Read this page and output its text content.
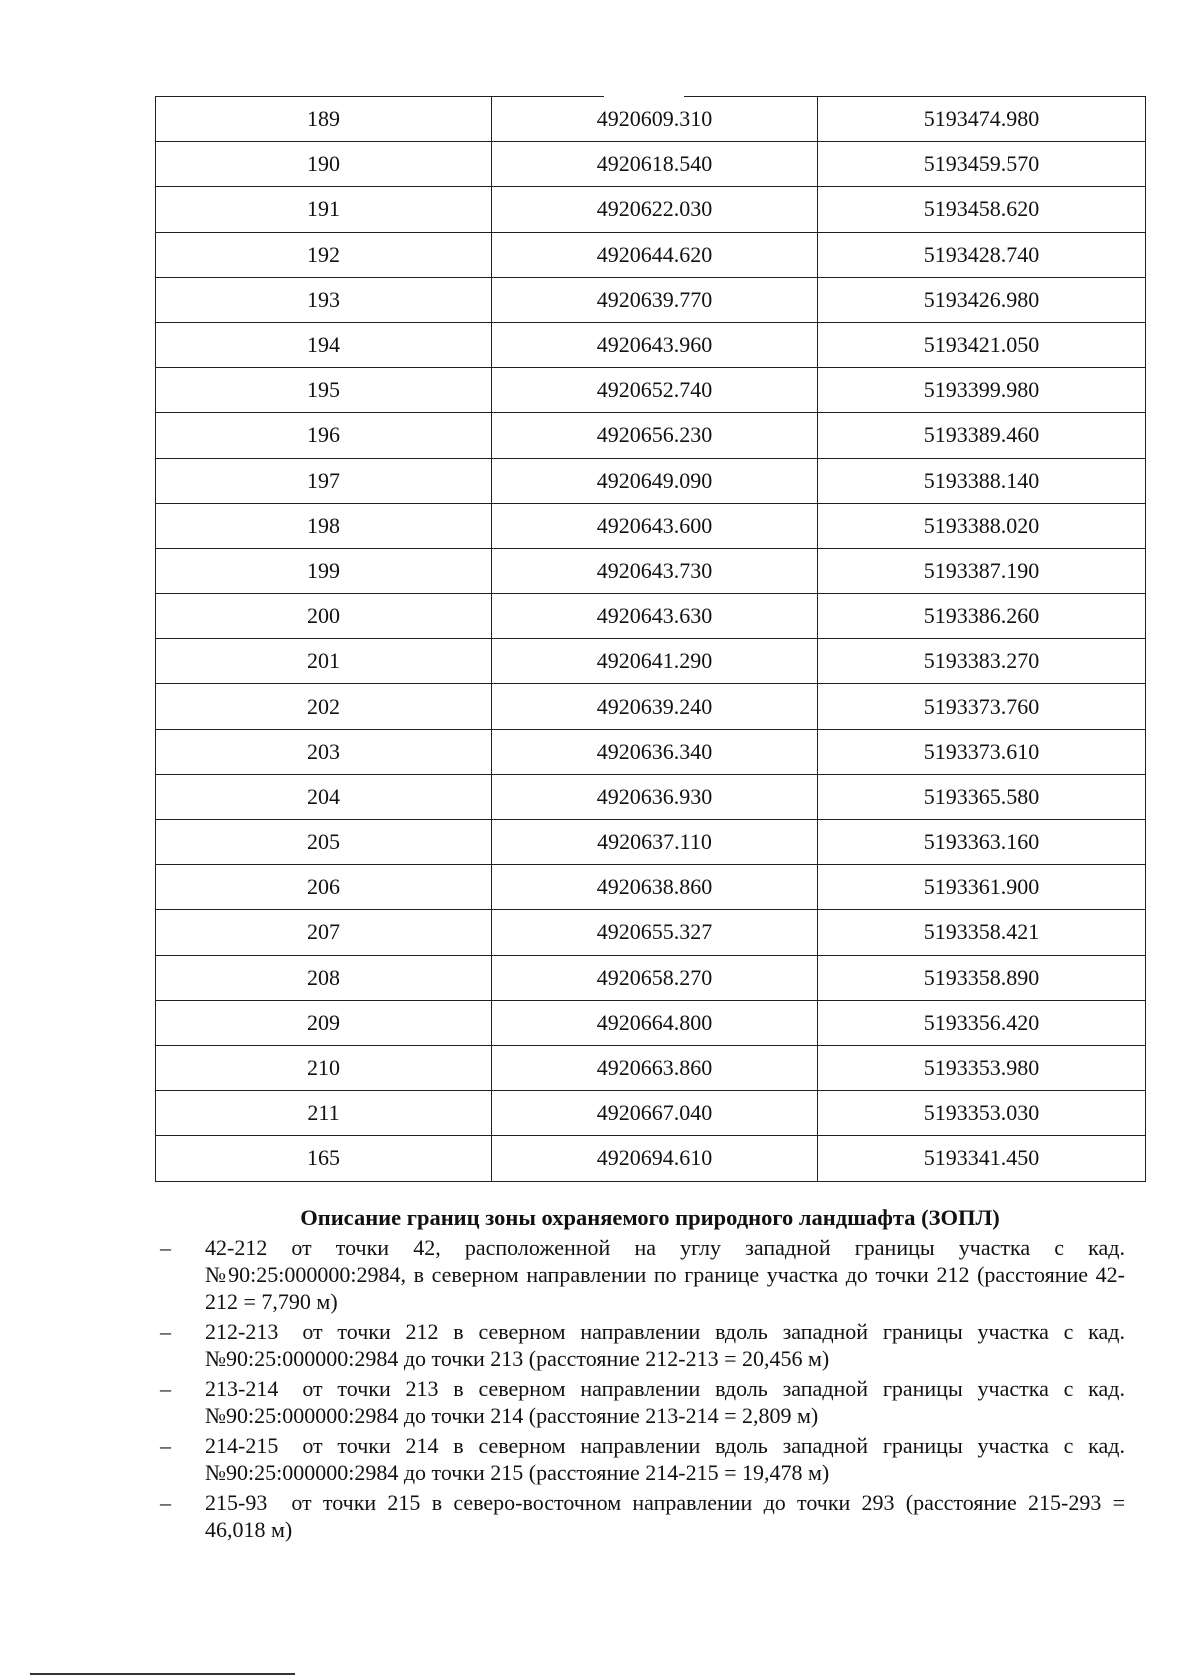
189	4920609.310	5193474.980
190	4920618.540	5193459.570
191	4920622.030	5193458.620
192	4920644.620	5193428.740
193	4920639.770	5193426.980
194	4920643.960	5193421.050
195	4920652.740	5193399.980
196	4920656.230	5193389.460
197	4920649.090	5193388.140
198	4920643.600	5193388.020
199	4920643.730	5193387.190
200	4920643.630	5193386.260
201	4920641.290	5193383.270
202	4920639.240	5193373.760
203	4920636.340	5193373.610
204	4920636.930	5193365.580
205	4920637.110	5193363.160
206	4920638.860	5193361.900
207	4920655.327	5193358.421
208	4920658.270	5193358.890
209	4920664.800	5193356.420
210	4920663.860	5193353.980
211	4920667.040	5193353.030
165	4920694.610	5193341.450
Описание границ зоны охраняемого природного ландшафта (ЗОПЛ)
– 42-212 от точки 42, расположенной на углу западной границы участка с кад. №90:25:000000:2984, в северном направлении по границе участка до точки 212 (расстояние 42-212 = 7,790 м)
– 212-213 от точки 212 в северном направлении вдоль западной границы участка с кад. №90:25:000000:2984 до точки 213 (расстояние 212-213 = 20,456 м)
– 213-214 от точки 213 в северном направлении вдоль западной границы участка с кад. №90:25:000000:2984 до точки 214 (расстояние 213-214 = 2,809 м)
– 214-215 от точки 214 в северном направлении вдоль западной границы участка с кад. №90:25:000000:2984 до точки 215 (расстояние 214-215 = 19,478 м)
– 215-93 от точки 215 в северо-восточном направлении до точки 293 (расстояние 215-293 = 46,018 м)
